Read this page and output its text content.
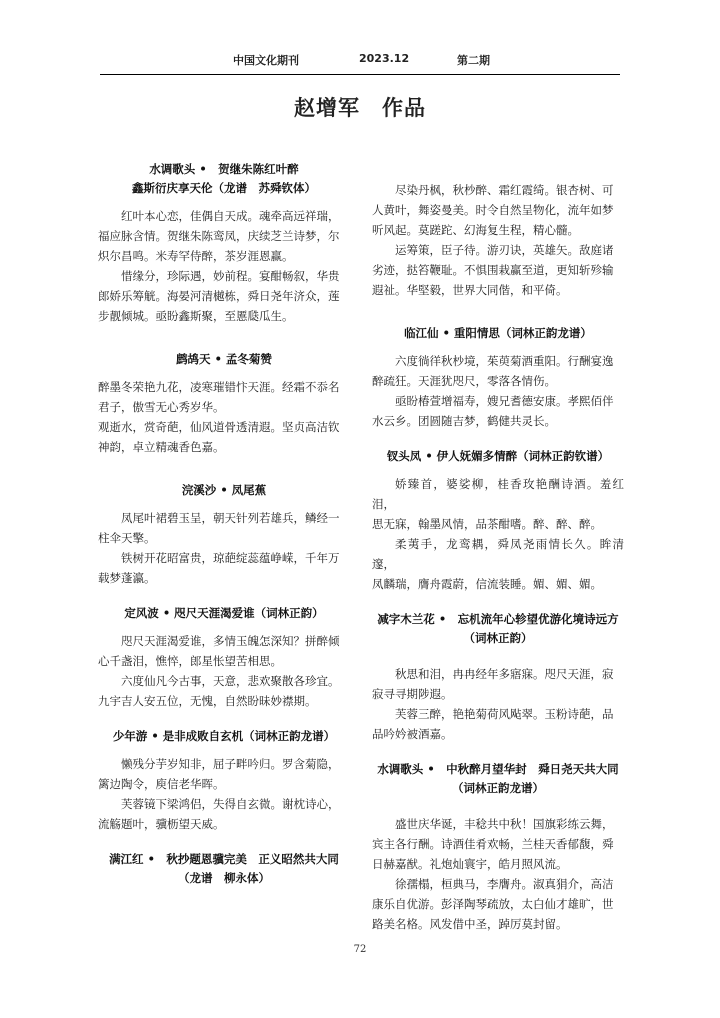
中国文化期刊	2023.12	第二期
赵增军　作品
水调歌头 •　贺继朱陈红叶醉
鑫斯衍庆享天伦（龙谱　苏舜钦体）
红叶本心恋，佳偶自天成。魂牵高远祥瑞，
福应脉含情。贺继朱陈鸾凤，庆续芝兰诗梦，尔
炽尔昌鸣。米寿罕侍醉，茶岁涯恩赢。
惜缘分，珍际遇，妙前程。宴酣畅叙，华贵
郎娇乐筹觥。海晏河清樾栋，舜日尧年济众，莲
步靓倾城。亟盼鑫斯聚，至慝瓞瓜生。
鹧鸪天 • 孟冬菊赞
醉墨冬荣艳九花，凌寒璀错忭天涯。经霜不忝名
君子，傲雪无心秀岁华。
观逝水，赏奇葩，仙风道骨透清遐。坚贞高洁钦
神韵，卓立精魂香色嘉。
浣溪沙 • 凤尾蕉
凤尾叶裙碧玉呈，朝天针列若雄兵，鳞经一
柱伞天擎。
铁树开花昭富贵，琼葩绽蕊蕴峥嵘，千年万
载梦蓬瀛。
定风波 • 咫尺天涯渴爱谁（词林正韵）
咫尺天涯渴爱谁，多情玉魄怎深知？拼醉倾
心千盏泪，憔悴，郎星怅望苦相思。
六度仙凡今古事，天意，悲欢聚散各珍宜。
九宇吉人安五位，无愧，自然盼昧妙襟期。
少年游 • 是非成败自玄机（词林正韵龙谱）
懒残分芋岁知非，屈子畔吟归。罗含菊隐，
篱边陶令，庾信老华晖。
芙蓉镜下梁鸿侣，失得自玄微。谢枕诗心，
流觞题叶，骥枥望天威。
满江红 •　秋抄题恩骥完美　正义昭然共大同
（龙谱　柳永体）
尽染丹枫，秋杪醉、霜红霞绮。银杏树、可
人黄叶，舞姿曼美。时令自然呈物化，流年如梦
听风起。莫蹉跎、幻海复生程，精心髓。
运筹策，臣子待。游刃诀，英雄矢。敌庭诸
劣迹，挞笞鞭耻。不惧围栽赢至道，更知斩殄输
遐祉。华堅毅，世界大同偕，和平倚。
临江仙 • 重阳情思（词林正韵龙谱）
六度徜徉秋杪境，茱萸菊酒重阳。行酬宴逸
醉疏狂。天涯犹咫尺，零落各情伤。
亟盼椿萱增福寿，嫂兄耆德安康。孝熙佰伴
水云乡。团圆随吉梦，鹤健共灵长。
钗头凤 • 伊人妩媚多情醉（词林正韵钦谱）
娇臻首，婆娑柳，桂香玫艳酬诗酒。羞红泪，
思无寐，翰墨风情，品茶酣嗜。醉、醉、醉。
柔荑手，龙鸾耦，舜凤尧雨情长久。眸清邃，
凤麟瑞，膺舟霞蔚，信流装睡。媚、媚、媚。
减字木兰花 •　忘机流年心轸望优游化境诗远方
（词林正韵）
秋思和泪，冉冉经年多寤寐。咫尺天涯，寂
寂寻寻期陟遐。
芙蓉三醉，艳艳菊荷风飐翠。玉粉诗葩，品
品吟妗被酒嘉。
水调歌头 •　中秋醉月望华封　舜日尧天共大同
（词林正韵龙谱）
盛世庆华诞，丰稔共中秋！国旗彩练云舞，
宾主各行酬。诗酒佳肴欢畅，兰桂天香郁馥，舜
日赫嘉猷。礼炮灿寰宇，皓月照风流。
徐孺榻，桓典马，李膺舟。淑真狷介，高洁
康乐自优游。彭泽陶琴疏放，太白仙才雄旷，世
路美名格。风发借中圣，踔厉莫封留。
72
